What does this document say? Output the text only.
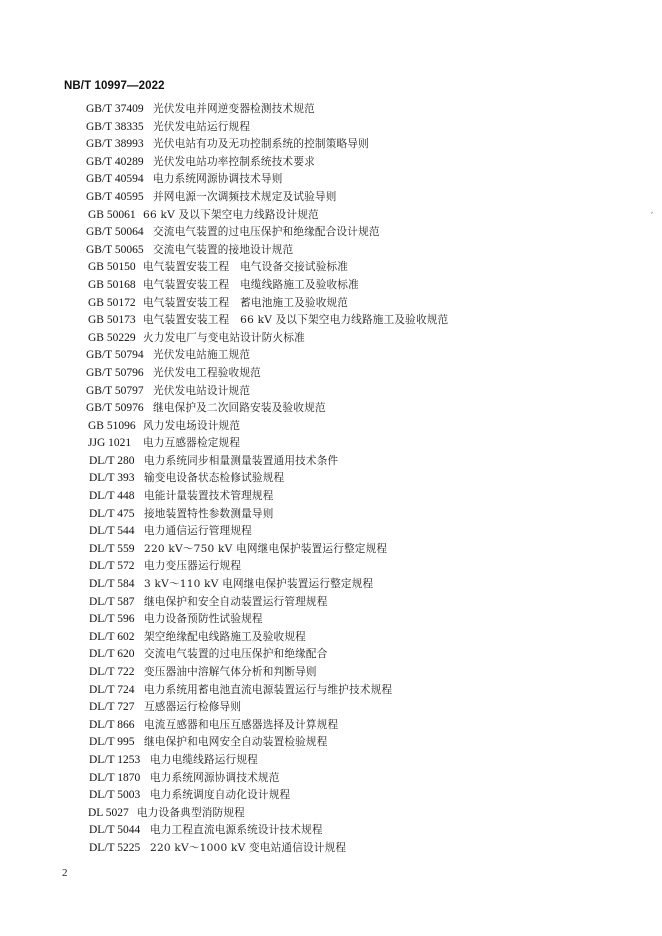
NB/T 10997—2022
GB/T 37409 光伏发电并网逆变器检测技术规范
GB/T 38335 光伏发电站运行规程
GB/T 38993 光伏电站有功及无功控制系统的控制策略导则
GB/T 40289 光伏发电站功率控制系统技术要求
GB/T 40594 电力系统网源协调技术导则
GB/T 40595 并网电源一次调频技术规定及试验导则
GB 50061 66 kV 及以下架空电力线路设计规范
GB/T 50064 交流电气装置的过电压保护和绝缘配合设计规范
GB/T 50065 交流电气装置的接地设计规范
GB 50150 电气装置安装工程　电气设备交接试验标准
GB 50168 电气装置安装工程　电缆线路施工及验收标准
GB 50172 电气装置安装工程　蓄电池施工及验收规范
GB 50173 电气装置安装工程　66 kV 及以下架空电力线路施工及验收规范
GB 50229 火力发电厂与变电站设计防火标准
GB/T 50794 光伏发电站施工规范
GB/T 50796 光伏发电工程验收规范
GB/T 50797 光伏发电站设计规范
GB/T 50976 继电保护及二次回路安装及验收规范
GB 51096 风力发电场设计规范
JJG 1021 电力互感器检定规程
DL/T 280 电力系统同步相量测量装置通用技术条件
DL/T 393 输变电设备状态检修试验规程
DL/T 448 电能计量装置技术管理规程
DL/T 475 接地装置特性参数测量导则
DL/T 544 电力通信运行管理规程
DL/T 559 220 kV～750 kV 电网继电保护装置运行整定规程
DL/T 572 电力变压器运行规程
DL/T 584 3 kV～110 kV 电网继电保护装置运行整定规程
DL/T 587 继电保护和安全自动装置运行管理规程
DL/T 596 电力设备预防性试验规程
DL/T 602 架空绝缘配电线路施工及验收规程
DL/T 620 交流电气装置的过电压保护和绝缘配合
DL/T 722 变压器油中溶解气体分析和判断导则
DL/T 724 电力系统用蓄电池直流电源装置运行与维护技术规程
DL/T 727 互感器运行检修导则
DL/T 866 电流互感器和电压互感器选择及计算规程
DL/T 995 继电保护和电网安全自动装置检验规程
DL/T 1253 电力电缆线路运行规程
DL/T 1870 电力系统网源协调技术规范
DL/T 5003 电力系统调度自动化设计规程
DL 5027 电力设备典型消防规程
DL/T 5044 电力工程直流电源系统设计技术规程
DL/T 5225 220 kV～1000 kV 变电站通信设计规程
2
′
